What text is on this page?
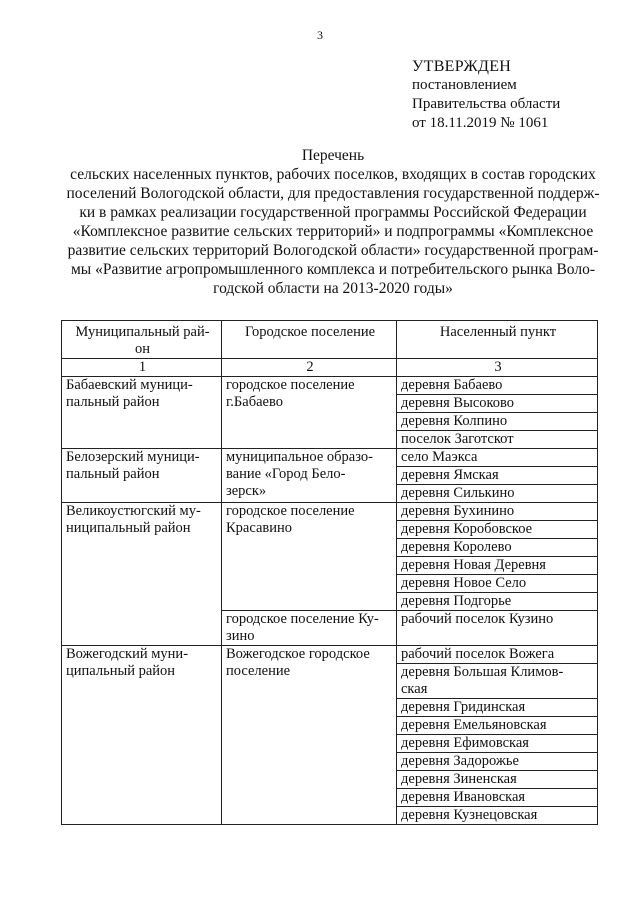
3
УТВЕРЖДЕН
постановлением
Правительства области
от 18.11.2019 № 1061
Перечень
сельских населенных пунктов, рабочих поселков, входящих в состав городских
поселений Вологодской области, для предоставления государственной поддерж-
ки в рамках реализации государственной программы Российской Федерации
«Комплексное развитие сельских территорий» и подпрограммы «Комплексное
развитие сельских территорий Вологодской области» государственной програм-
мы «Развитие агропромышленного комплекса и потребительского рынка Воло-
годской области на 2013-2020 годы»
Муниципальный рай-
он	Городское поселение	Населенный пункт

1	2	3

Бабаевский муници-
пальный район	городское поселение
г.Бабаево	деревня Бабаево

		деревня Высоково

		деревня Колпино

		поселок Заготскот

Белозерский муници-
пальный район	муниципальное образо-
вание «Город Бело-
зерск»	село Маэкса

		деревня Ямская

		деревня Силькино

Великоустюгский му-
ниципальный район	городское поселение
Красавино	деревня Бухинино

		деревня Коробовское

		деревня Королево

		деревня Новая Деревня

		деревня Новое Село

		деревня Подгорье

	городское поселение Ку-
зино	рабочий поселок Кузино

Вожегодский муни-
ципальный район	Вожегодское городское
поселение	рабочий поселок Вожега

		деревня Большая Климов-
ская

		деревня Гридинская

		деревня Емельяновская

		деревня Ефимовская

		деревня Задорожье

		деревня Зиненская

		деревня Ивановская

		деревня Кузнецовская
